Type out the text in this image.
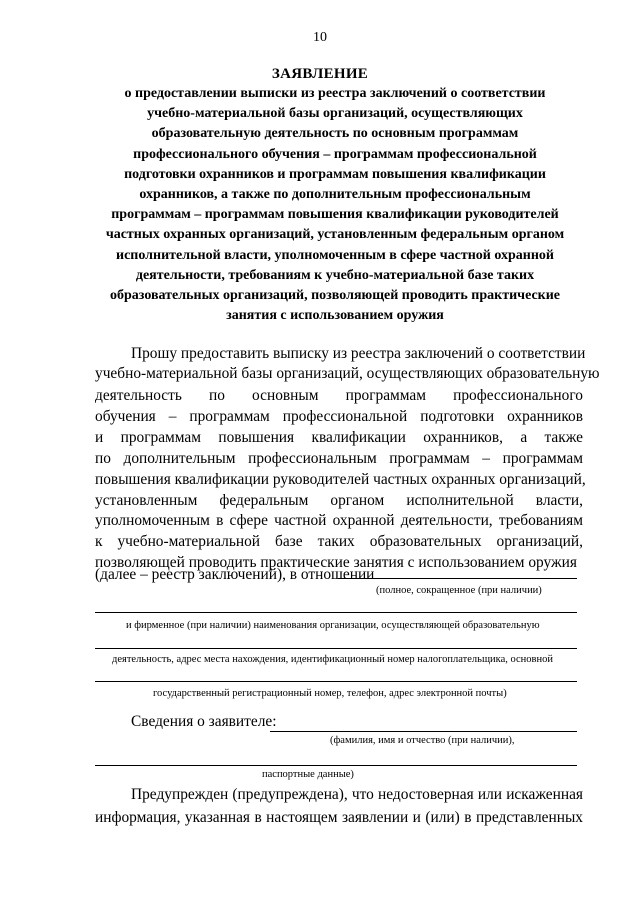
10
ЗАЯВЛЕНИЕ
о предоставлении выписки из реестра заключений о соответствии
учебно-материальной базы организаций, осуществляющих
образовательную деятельность по основным программам
профессионального обучения – программам профессиональной
подготовки охранников и программам повышения квалификации
охранников, а также по дополнительным профессиональным
программам – программам повышения квалификации руководителей
частных охранных организаций, установленным федеральным органом
исполнительной власти, уполномоченным в сфере частной охранной
деятельности, требованиям к учебно-материальной базе таких
образовательных организаций, позволяющей проводить практические
занятия с использованием оружия
Прошу предоставить выписку из реестра заключений о соответствии
учебно-материальной базы организаций, осуществляющих образовательную
деятельность по основным программам профессионального
обучения – программам профессиональной подготовки охранников
и программам повышения квалификации охранников, а также
по дополнительным профессиональным программам – программам
повышения квалификации руководителей частных охранных организаций,
установленным федеральным органом исполнительной власти,
уполномоченным в сфере частной охранной деятельности, требованиям
к учебно-материальной базе таких образовательных организаций,
позволяющей проводить практические занятия с использованием оружия
(далее – реестр заключений), в отношении
(полное, сокращенное (при наличии)
и фирменное (при наличии) наименования организации, осуществляющей образовательную
деятельность, адрес места нахождения, идентификационный номер налогоплательщика, основной
государственный регистрационный номер, телефон, адрес электронной почты)
Сведения о заявителе:
(фамилия, имя и отчество (при наличии),
паспортные данные)
Предупрежден (предупреждена), что недостоверная или искаженная
информация, указанная в настоящем заявлении и (или) в представленных
